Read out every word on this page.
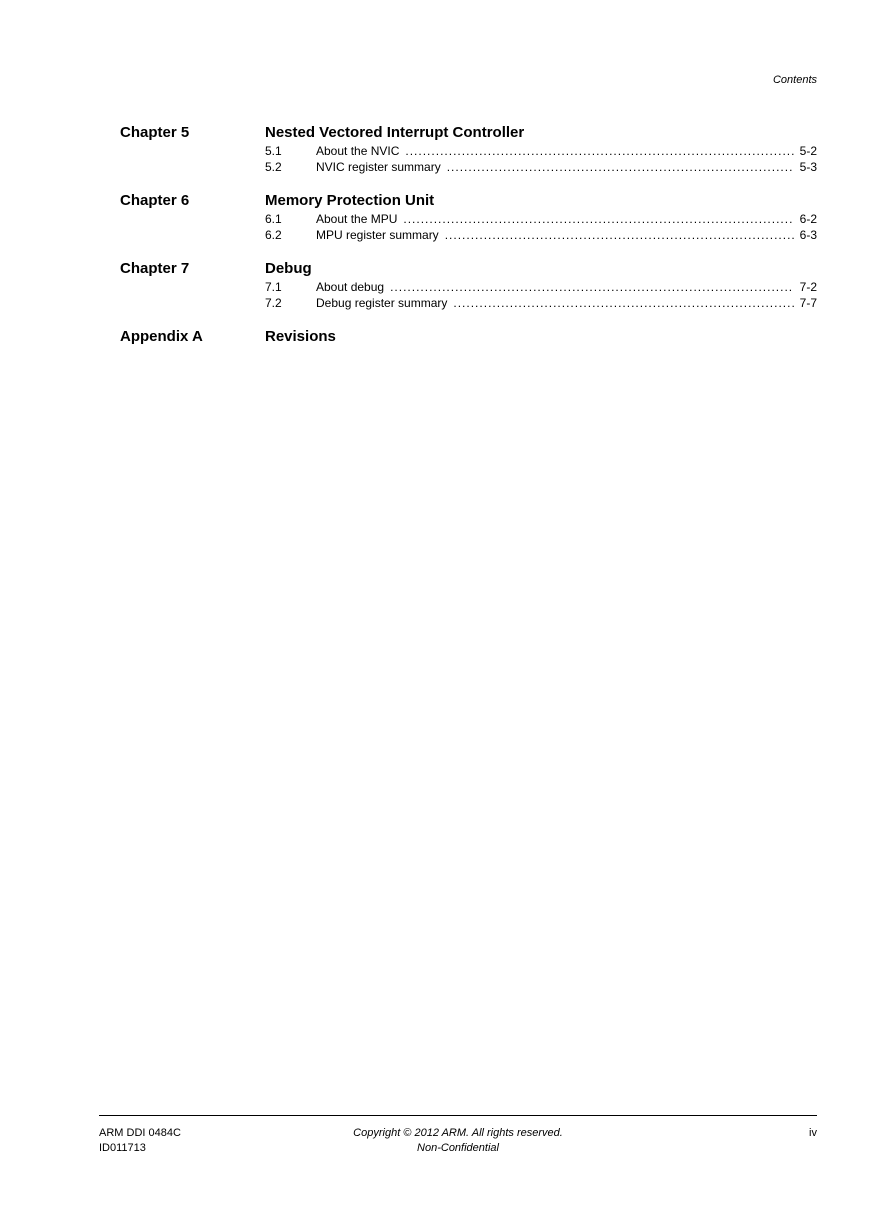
Contents
Chapter 5	Nested Vectored Interrupt Controller
5.1	About the NVIC .....	5-2
5.2	NVIC register summary .....	5-3
Chapter 6	Memory Protection Unit
6.1	About the MPU .....	6-2
6.2	MPU register summary .....	6-3
Chapter 7	Debug
7.1	About debug .....	7-2
7.2	Debug register summary .....	7-7
Appendix A	Revisions
ARM DDI 0484C
ID011713
Copyright © 2012 ARM. All rights reserved.
Non-Confidential
iv
